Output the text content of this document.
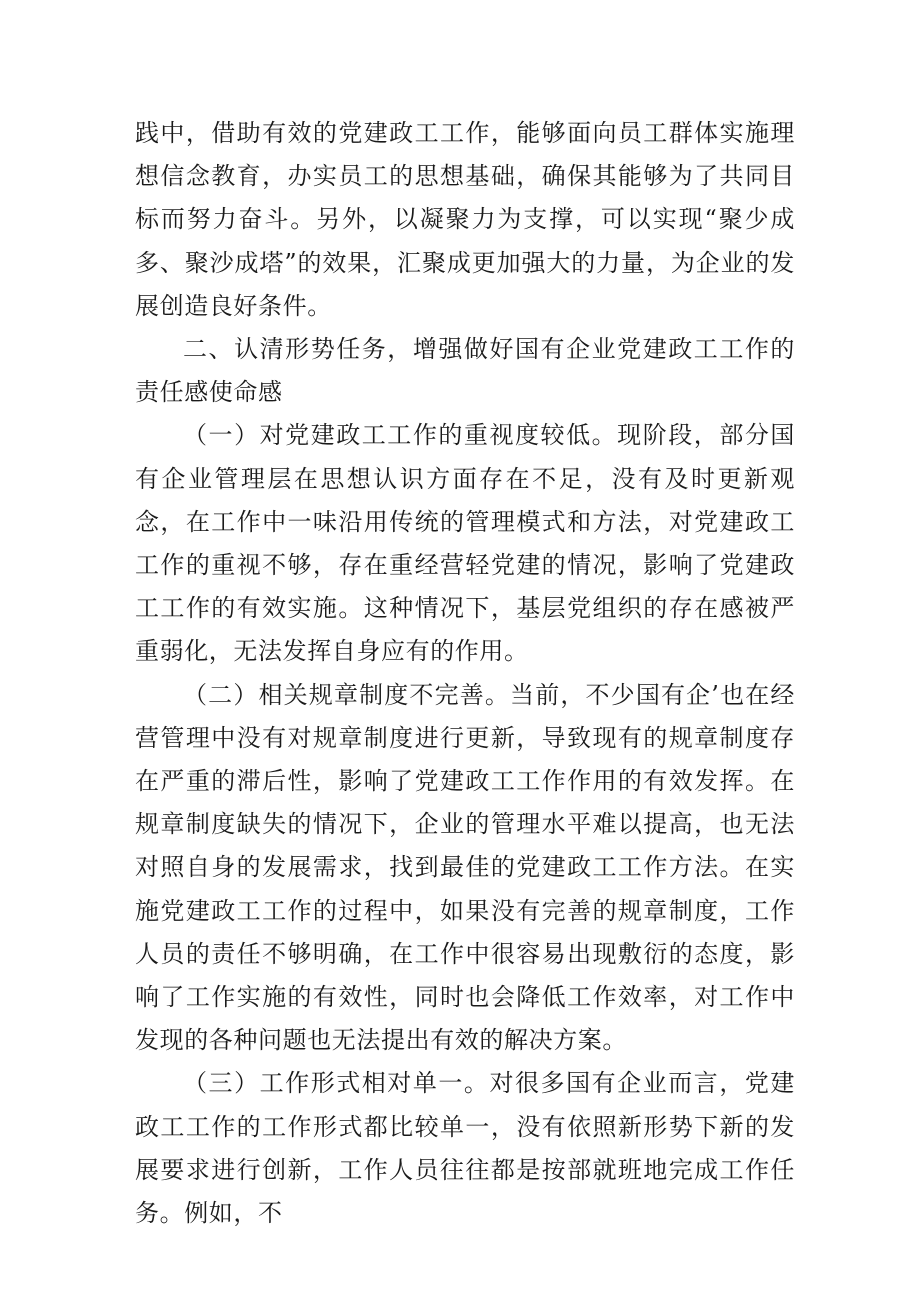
践中，借助有效的党建政工工作，能够面向员工群体实施理想信念教育，办实员工的思想基础，确保其能够为了共同目标而努力奋斗。另外，以凝聚力为支撑，可以实现“聚少成多、聚沙成塔”的效果，汇聚成更加强大的力量，为企业的发展创造良好条件。

二、认清形势任务，增强做好国有企业党建政工工作的责任感使命感

（一）对党建政工工作的重视度较低。现阶段，部分国有企业管理层在思想认识方面存在不足，没有及时更新观念，在工作中一味沿用传统的管理模式和方法，对党建政工工作的重视不够，存在重经营轻党建的情况，影响了党建政工工作的有效实施。这种情况下，基层党组织的存在感被严重弱化，无法发挥自身应有的作用。

（二）相关规章制度不完善。当前，不少国有企’也在经营管理中没有对规章制度进行更新，导致现有的规章制度存在严重的滞后性，影响了党建政工工作作用的有效发挥。在规章制度缺失的情况下，企业的管理水平难以提高，也无法对照自身的发展需求，找到最佳的党建政工工作方法。在实施党建政工工作的过程中，如果没有完善的规章制度，工作人员的责任不够明确，在工作中很容易出现敷衍的态度，影响了工作实施的有效性，同时也会降低工作效率，对工作中发现的各种问题也无法提出有效的解决方案。

（三）工作形式相对单一。对很多国有企业而言，党建政工工作的工作形式都比较单一，没有依照新形势下新的发展要求进行创新，工作人员往往都是按部就班地完成工作任务。例如，不
